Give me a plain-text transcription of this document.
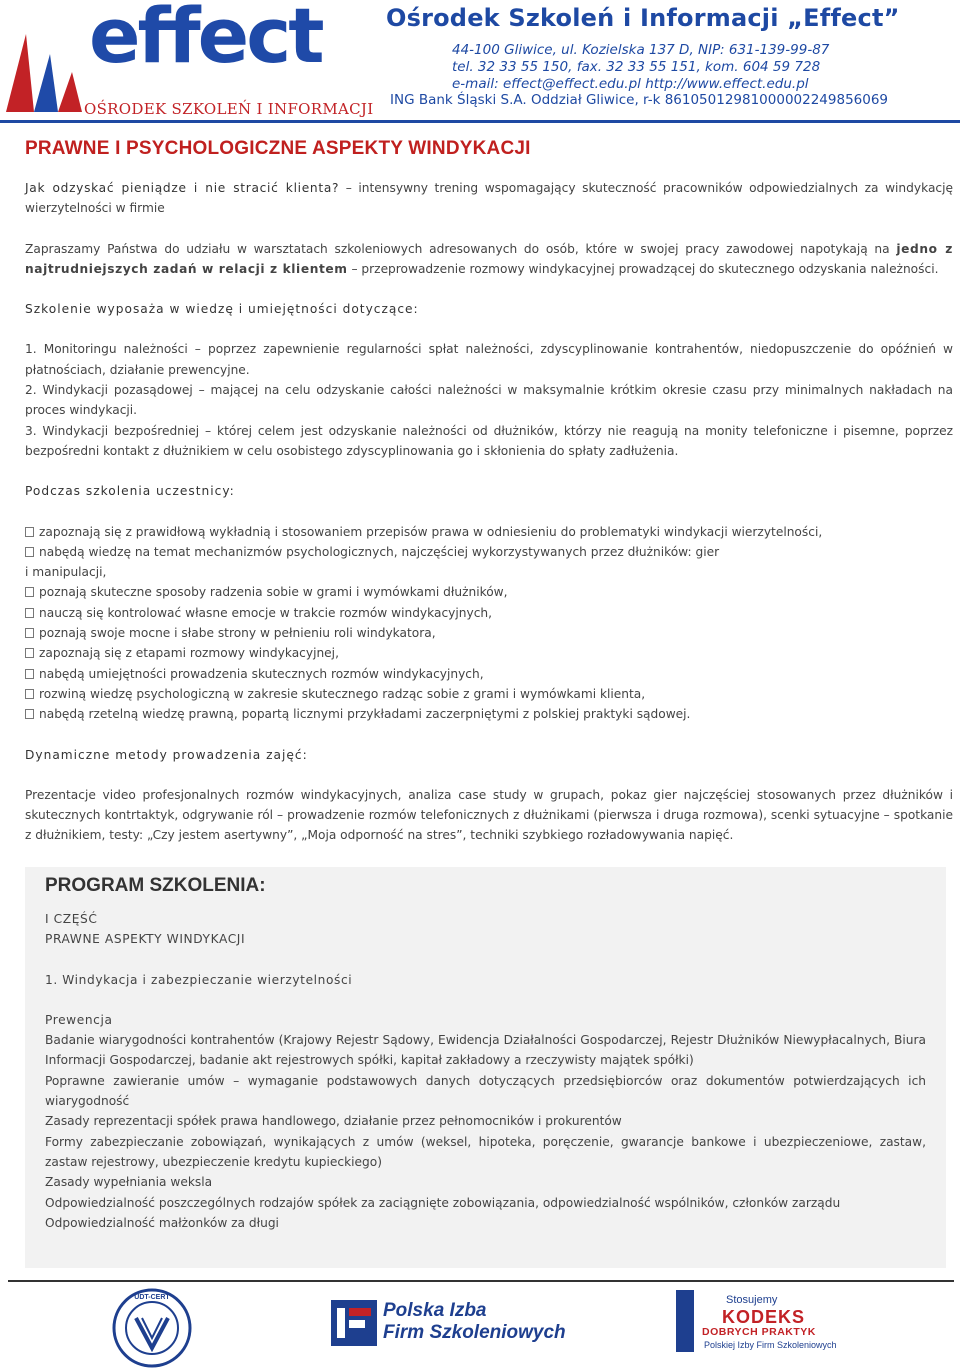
effect
OŚRODEK SZKOLEŃ I INFORMACJI
Ośrodek Szkoleń i Informacji „Effect”
44-100 Gliwice, ul. Kozielska 137 D, NIP: 631-139-99-87
tel. 32 33 55 150, fax. 32 33 55 151, kom. 604 59 728
e-mail: effect@effect.edu.pl http://www.effect.edu.pl
ING Bank Śląski S.A. Oddział Gliwice, r-k 86105012981000002249856069
PRAWNE I PSYCHOLOGICZNE ASPEKTY WINDYKACJI

Jak odzyskać pieniądze i nie stracić klienta? – intensywny trening wspomagający skuteczność pracowników odpowiedzialnych za windykację wierzytelności w firmie

Zapraszamy Państwa do udziału w warsztatach szkoleniowych adresowanych do osób, które w swojej pracy zawodowej napotykają na jedno z najtrudniejszych zadań w relacji z klientem – przeprowadzenie rozmowy windykacyjnej prowadzącej do skutecznego odzyskania należności.

Szkolenie wyposaża w wiedzę i umiejętności dotyczące:

1. Monitoringu należności – poprzez zapewnienie regularności spłat należności, zdyscyplinowanie kontrahentów, niedopuszczenie do opóźnień w płatnościach, działanie prewencyjne.

2. Windykacji pozasądowej – mającej na celu odzyskanie całości należności w maksymalnie krótkim okresie czasu przy minimalnych nakładach na proces windykacji.

3. Windykacji bezpośredniej – której celem jest odzyskanie należności od dłużników, którzy nie reagują na monity telefoniczne i pisemne, poprzez bezpośredni kontakt z dłużnikiem w celu osobistego zdyscyplinowania go i skłonienia do spłaty zadłużenia.

Podczas szkolenia uczestnicy:

zapoznają się z prawidłową wykładnią i stosowaniem przepisów prawa w odniesieniu do problematyki windykacji wierzytelności,

nabędą wiedzę na temat mechanizmów psychologicznych, najczęściej wykorzystywanych przez dłużników: gier

i manipulacji,

poznają skuteczne sposoby radzenia sobie w grami i wymówkami dłużników,

nauczą się kontrolować własne emocje w trakcie rozmów windykacyjnych,

poznają swoje mocne i słabe strony w pełnieniu roli windykatora,

zapoznają się z etapami rozmowy windykacyjnej,

nabędą umiejętności prowadzenia skutecznych rozmów windykacyjnych,

rozwiną wiedzę psychologiczną w zakresie skutecznego radząc sobie z grami i wymówkami klienta,

nabędą rzetelną wiedzę prawną, popartą licznymi przykładami zaczerpniętymi z polskiej praktyki sądowej.

Dynamiczne metody prowadzenia zajęć:

Prezentacje video profesjonalnych rozmów windykacyjnych, analiza case study w grupach, pokaz gier najczęściej stosowanych przez dłużników i skutecznych kontrtaktyk, odgrywanie ról – prowadzenie rozmów telefonicznych z dłużnikami (pierwsza i druga rozmowa), scenki sytuacyjne – spotkanie z dłużnikiem, testy: „Czy jestem asertywny”, „Moja odporność na stres”, techniki szybkiego rozładowywania napięć.

PROGRAM SZKOLENIA:

I CZĘŚĆ

PRAWNE ASPEKTY WINDYKACJI

1. Windykacja i zabezpieczanie wierzytelności

Prewencja

Badanie wiarygodności kontrahentów (Krajowy Rejestr Sądowy, Ewidencja Działalności Gospodarczej, Rejestr Dłużników Niewypłacalnych, Biura Informacji Gospodarczej, badanie akt rejestrowych spółki, kapitał zakładowy a rzeczywisty majątek spółki)

Poprawne zawieranie umów – wymaganie podstawowych danych dotyczących przedsiębiorców oraz dokumentów potwierdzających ich wiarygodność

Zasady reprezentacji spółek prawa handlowego, działanie przez pełnomocników i prokurentów

Formy zabezpieczanie zobowiązań, wynikających z umów (weksel, hipoteka, poręczenie, gwarancje bankowe i ubezpieczeniowe, zastaw, zastaw rejestrowy, ubezpieczenie kredytu kupieckiego)

Zasady wypełniania weksla

Odpowiedzialność poszczególnych rodzajów spółek za zaciągnięte zobowiązania, odpowiedzialność wspólników, członków zarządu

Odpowiedzialność małżonków za długi

UDT-CERT
Polska Izba
Firm Szkoleniowych
Stosujemy
KODEKS
DOBRYCH PRAKTYK
Polskiej Izby Firm Szkoleniowych
